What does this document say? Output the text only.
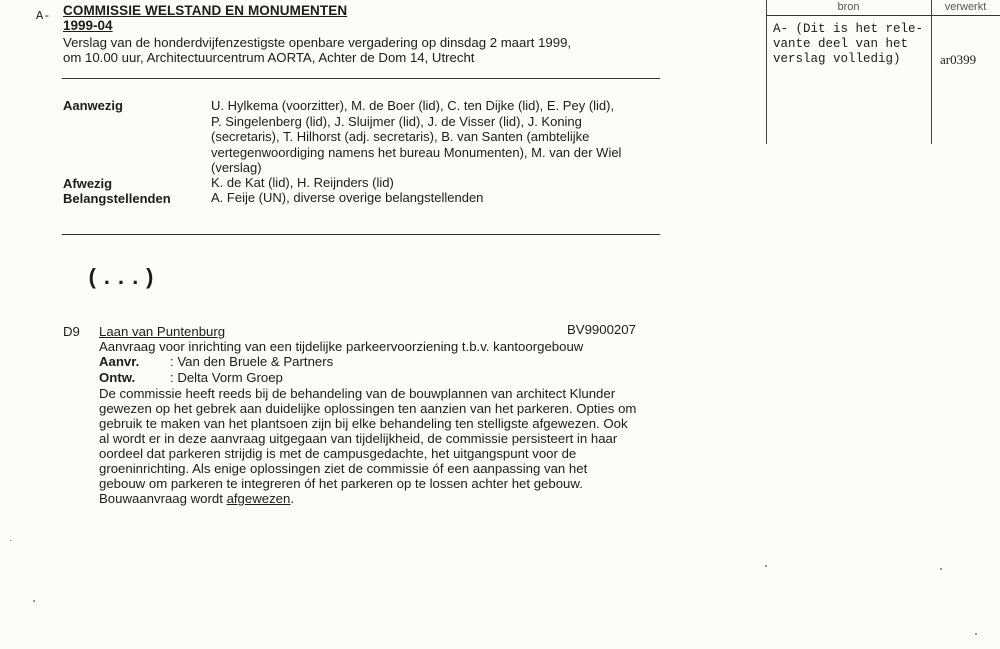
A- COMMISSIE WELSTAND EN MONUMENTEN
1999-04
Verslag van de honderdvijfenzestigste openbare vergadering op dinsdag 2 maart 1999,
om 10.00 uur, Architectuurcentrum AORTA, Achter de Dom 14, Utrecht
Aanwezig	U. Hylkema (voorzitter), M. de Boer (lid), C. ten Dijke (lid), E. Pey (lid),
P. Singelenberg (lid), J. Sluijmer (lid), J. de Visser (lid), J. Koning
(secretaris), T. Hilhorst (adj. secretaris), B. van Santen (ambtelijke
vertegenwoordiging namens het bureau Monumenten), M. van der Wiel
(verslag)
Afwezig	K. de Kat (lid), H. Reijnders (lid)
Belangstellenden	A. Feije (UN), diverse overige belangstellenden
(...)
D9 Laan van Puntenburg	BV9900207
Aanvraag voor inrichting van een tijdelijke parkeervoorziening t.b.v. kantoorgebouw
Aanvr. : Van den Bruele & Partners
Ontw.	: Delta Vorm Groep
De commissie heeft reeds bij de behandeling van de bouwplannen van architect Klunder
gewezen op het gebrek aan duidelijke oplossingen ten aanzien van het parkeren. Opties om
gebruik te maken van het plantsoen zijn bij elke behandeling ten stelligste afgewezen. Ook
al wordt er in deze aanvraag uitgegaan van tijdelijkheid, de commissie persisteert in haar
oordeel dat parkeren strijdig is met de campusgedachte, het uitgangspunt voor de
groeninrichting. Als enige oplossingen ziet de commissie óf een aanpassing van het
gebouw om parkeren te integreren óf het parkeren op te lossen achter het gebouw.
Bouwaanvraag wordt afgewezen.
bron	verwerkt
A- (Dit is het rele-
vante deel van het
verslag volledig)	ar0399
